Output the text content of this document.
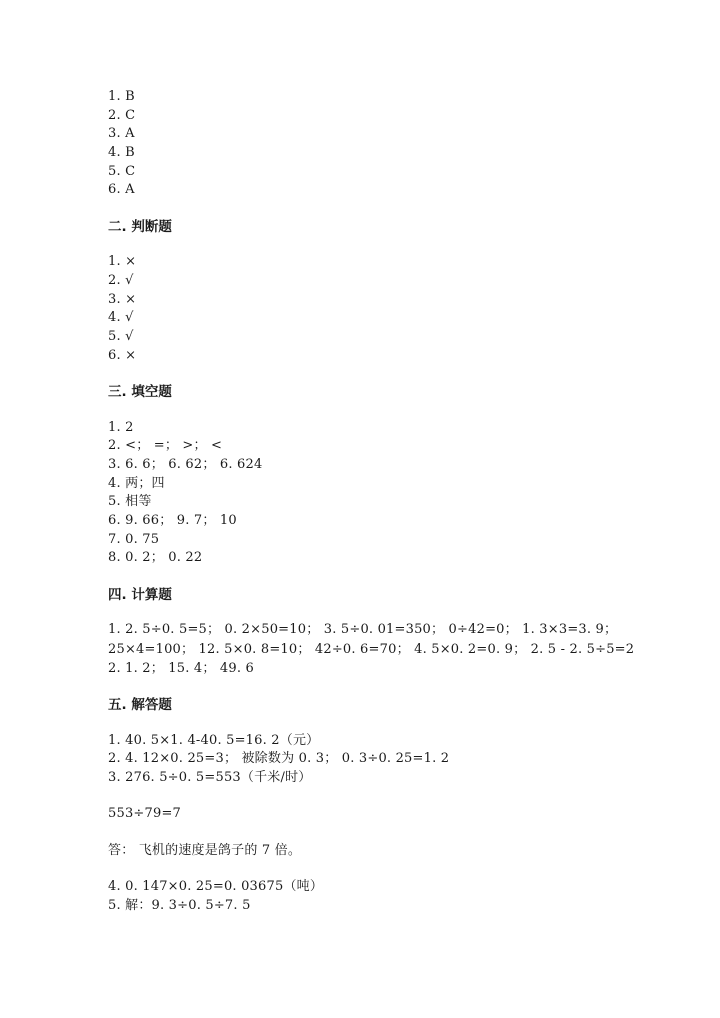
1. B
2. C
3. A
4. B
5. C
6. A
二. 判断题
1. ×
2. √
3. ×
4. √
5. √
6. ×
三. 填空题
1. 2
2. <； =； >； <
3. 6. 6； 6. 62； 6. 624
4. 两；四
5. 相等
6. 9. 66； 9. 7； 10
7. 0. 75
8. 0. 2； 0. 22
四. 计算题
1. 2. 5÷0. 5=5； 0. 2×50=10； 3. 5÷0. 01=350； 0÷42=0； 1. 3×3=3. 9；
25×4=100； 12. 5×0. 8=10； 42÷0. 6=70； 4. 5×0. 2=0. 9； 2. 5 - 2. 5÷5=2
2. 1. 2； 15. 4； 49. 6
五. 解答题
1. 40. 5×1. 4-40. 5=16. 2（元）
2. 4. 12×0. 25=3； 被除数为 0. 3； 0. 3÷0. 25=1. 2
3. 276. 5÷0. 5=553（千米/时）
553÷79=7
答： 飞机的速度是鸽子的 7 倍。
4. 0. 147×0. 25=0. 03675（吨）
5. 解：9. 3÷0. 5÷7. 5
